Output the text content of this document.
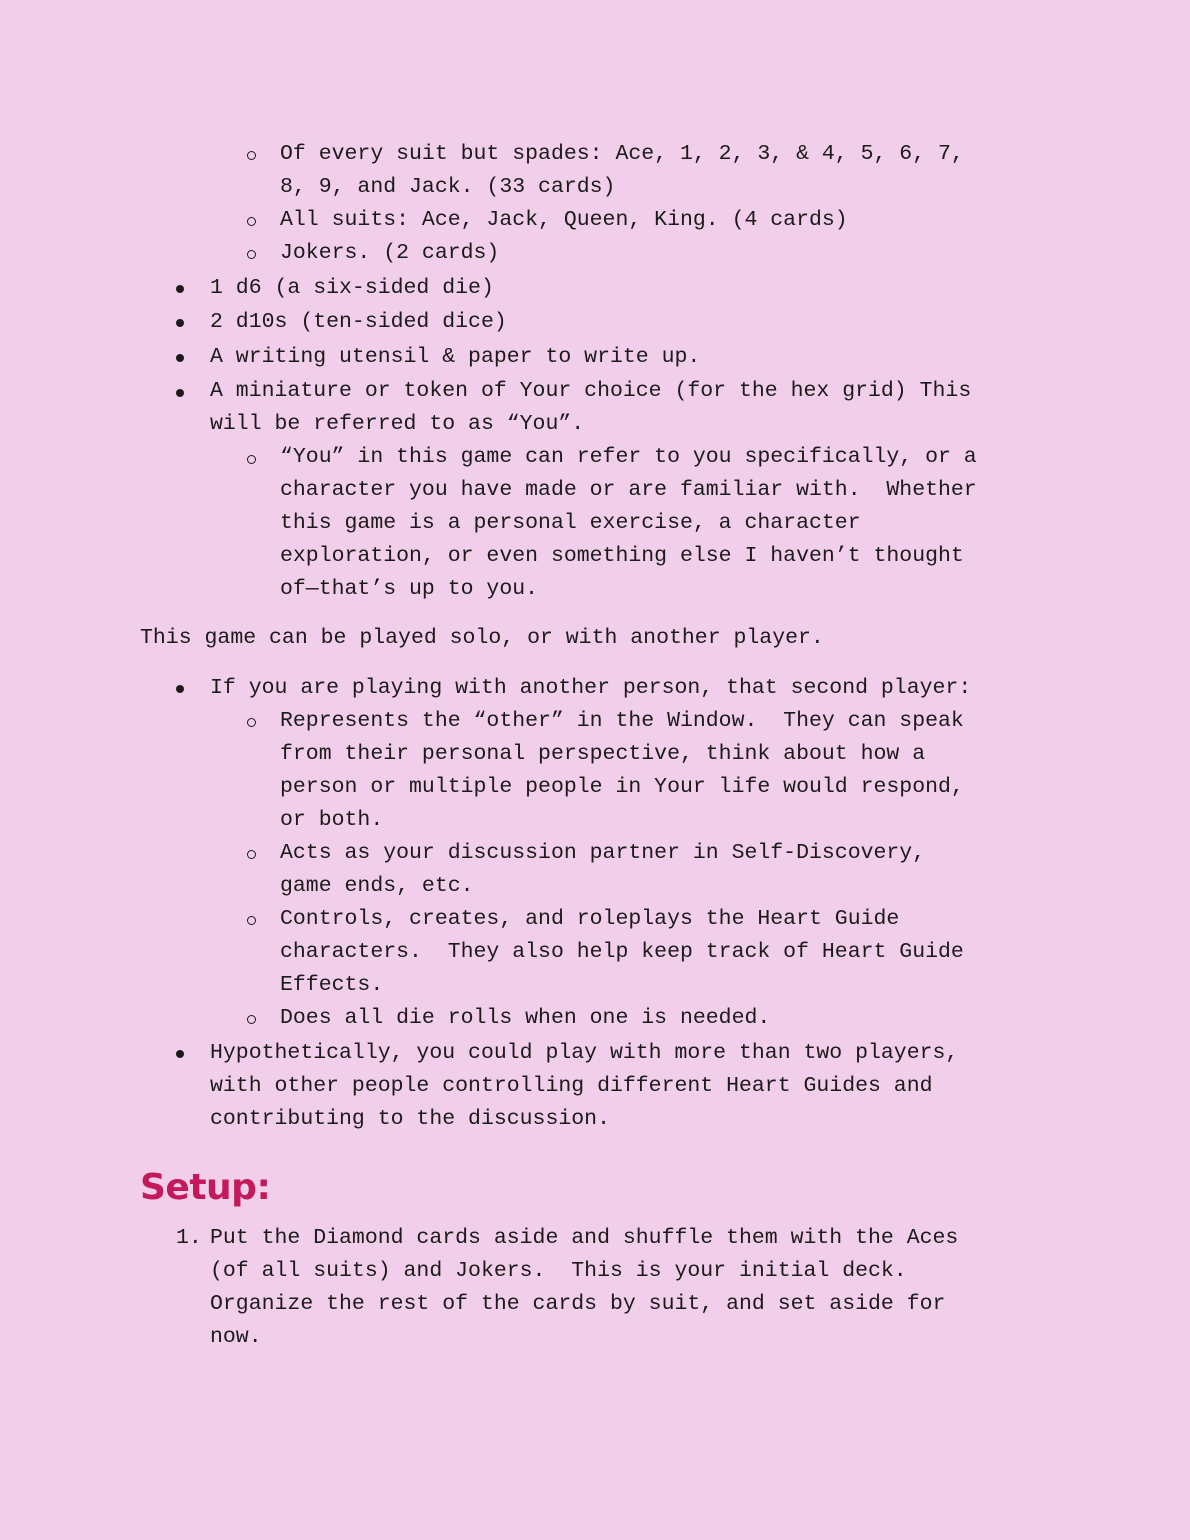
Of every suit but spades: Ace, 1, 2, 3, & 4, 5, 6, 7,
8, 9, and Jack. (33 cards)
All suits: Ace, Jack, Queen, King. (4 cards)
Jokers. (2 cards)
1 d6 (a six-sided die)
2 d10s (ten-sided dice)
A writing utensil & paper to write up.
A miniature or token of Your choice (for the hex grid) This
will be referred to as “You”.
“You” in this game can refer to you specifically, or a
character you have made or are familiar with.  Whether
this game is a personal exercise, a character
exploration, or even something else I haven’t thought
of—that’s up to you.
This game can be played solo, or with another player.
If you are playing with another person, that second player:
Represents the “other” in the Window.  They can speak
from their personal perspective, think about how a
person or multiple people in Your life would respond,
or both.
Acts as your discussion partner in Self-Discovery,
game ends, etc.
Controls, creates, and roleplays the Heart Guide
characters.  They also help keep track of Heart Guide
Effects.
Does all die rolls when one is needed.
Hypothetically, you could play with more than two players,
with other people controlling different Heart Guides and
contributing to the discussion.
Setup:
1. Put the Diamond cards aside and shuffle them with the Aces
(of all suits) and Jokers.  This is your initial deck.
Organize the rest of the cards by suit, and set aside for
now.
